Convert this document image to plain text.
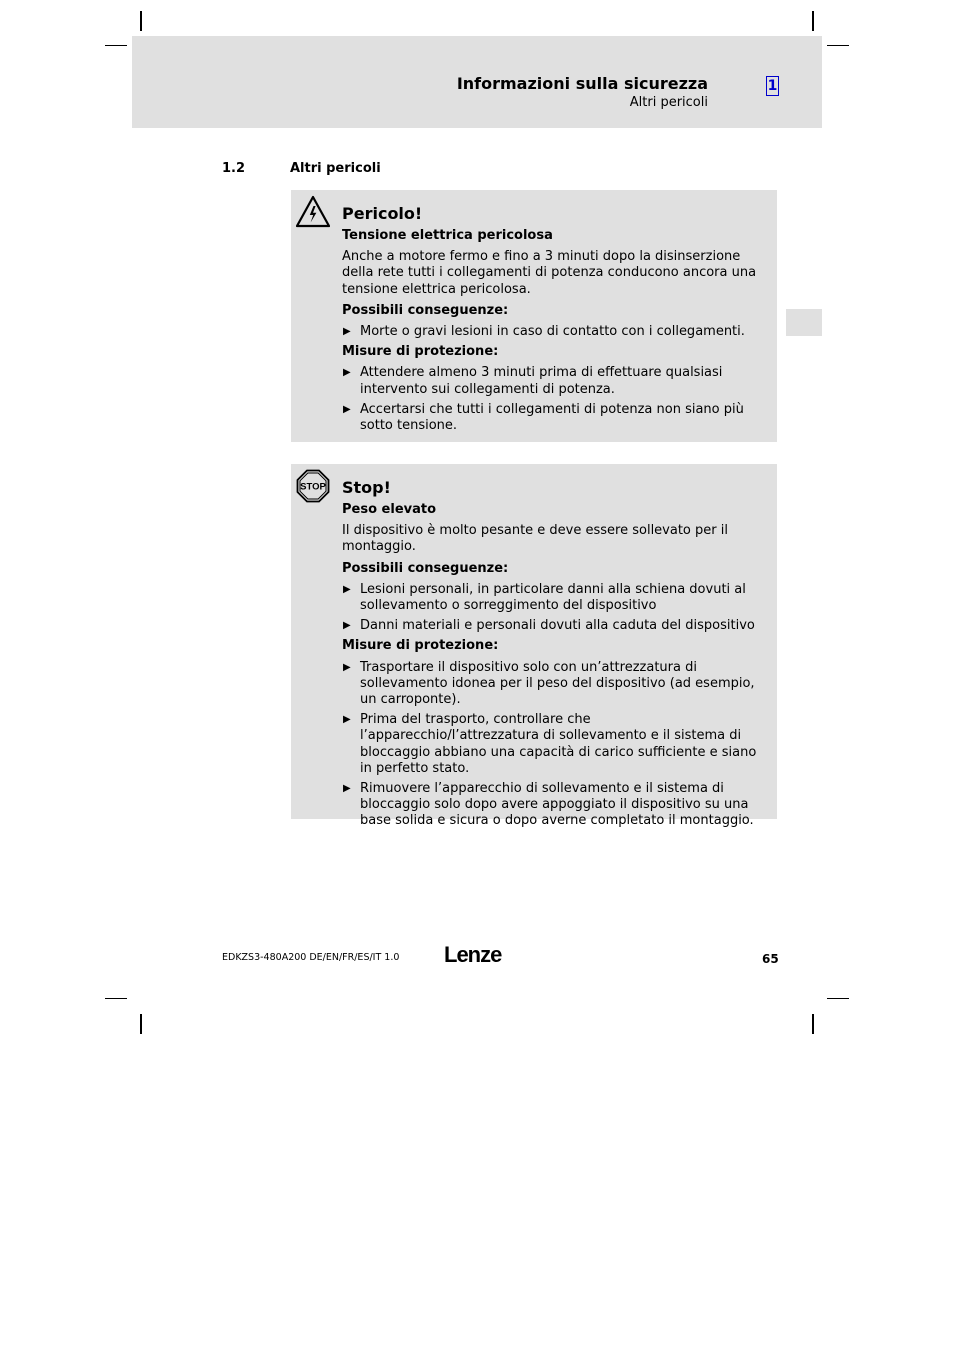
Informazioni sulla sicurezza
Altri pericoli
1
1.2	Altri pericoli
Pericolo!
Tensione elettrica pericolosa
Anche a motore fermo e fino a 3 minuti dopo la disinserzione della rete tutti i collegamenti di potenza conducono ancora una tensione elettrica pericolosa.
Possibili conseguenze:
▶ Morte o gravi lesioni in caso di contatto con i collegamenti.
Misure di protezione:
▶ Attendere almeno 3 minuti prima di effettuare qualsiasi intervento sui collegamenti di potenza.
▶ Accertarsi che tutti i collegamenti di potenza non siano più sotto tensione.
STOP Stop!
Peso elevato
Il dispositivo è molto pesante e deve essere sollevato per il montaggio.
Possibili conseguenze:
▶ Lesioni personali, in particolare danni alla schiena dovuti al sollevamento o sorreggimento del dispositivo
▶ Danni materiali e personali dovuti alla caduta del dispositivo
Misure di protezione:
▶ Trasportare il dispositivo solo con un’attrezzatura di sollevamento idonea per il peso del dispositivo (ad esempio, un carroponte).
▶ Prima del trasporto, controllare che l’apparecchio/l’attrezzatura di sollevamento e il sistema di bloccaggio abbiano una capacità di carico sufficiente e siano in perfetto stato.
▶ Rimuovere l’apparecchio di sollevamento e il sistema di bloccaggio solo dopo avere appoggiato il dispositivo su una base solida e sicura o dopo averne completato il montaggio.
EDKZS3-480A200 DE/EN/FR/ES/IT 1.0 Lenze	65
